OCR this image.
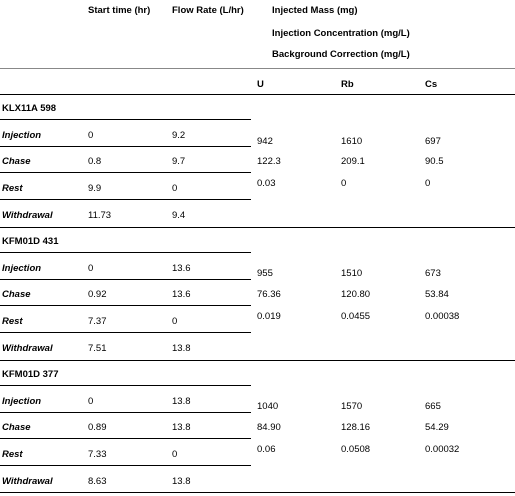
Start time (hr) Flow Rate (L/hr)	Injected Mass (mg)
Injection Concentration (mg/L)
Background Correction (mg/L)
U	Rb	Cs
KLX11A 598
Injection	0	9.2
Chase	0.8	9.7
Rest	9.9	0
Withdrawal	11.73	9.4
942	1610	697
122.3	209.1	90.5
0.03	0	0
KFM01D 431
Injection	0	13.6
Chase	0.92	13.6
Rest	7.37	0
Withdrawal	7.51	13.8
955	1510	673
76.36	120.80	53.84
0.019	0.0455	0.00038
KFM01D 377
Injection	0	13.8
Chase	0.89	13.8
Rest	7.33	0
Withdrawal	8.63	13.8
1040	1570	665
84.90	128.16	54.29
0.06	0.0508	0.00032
